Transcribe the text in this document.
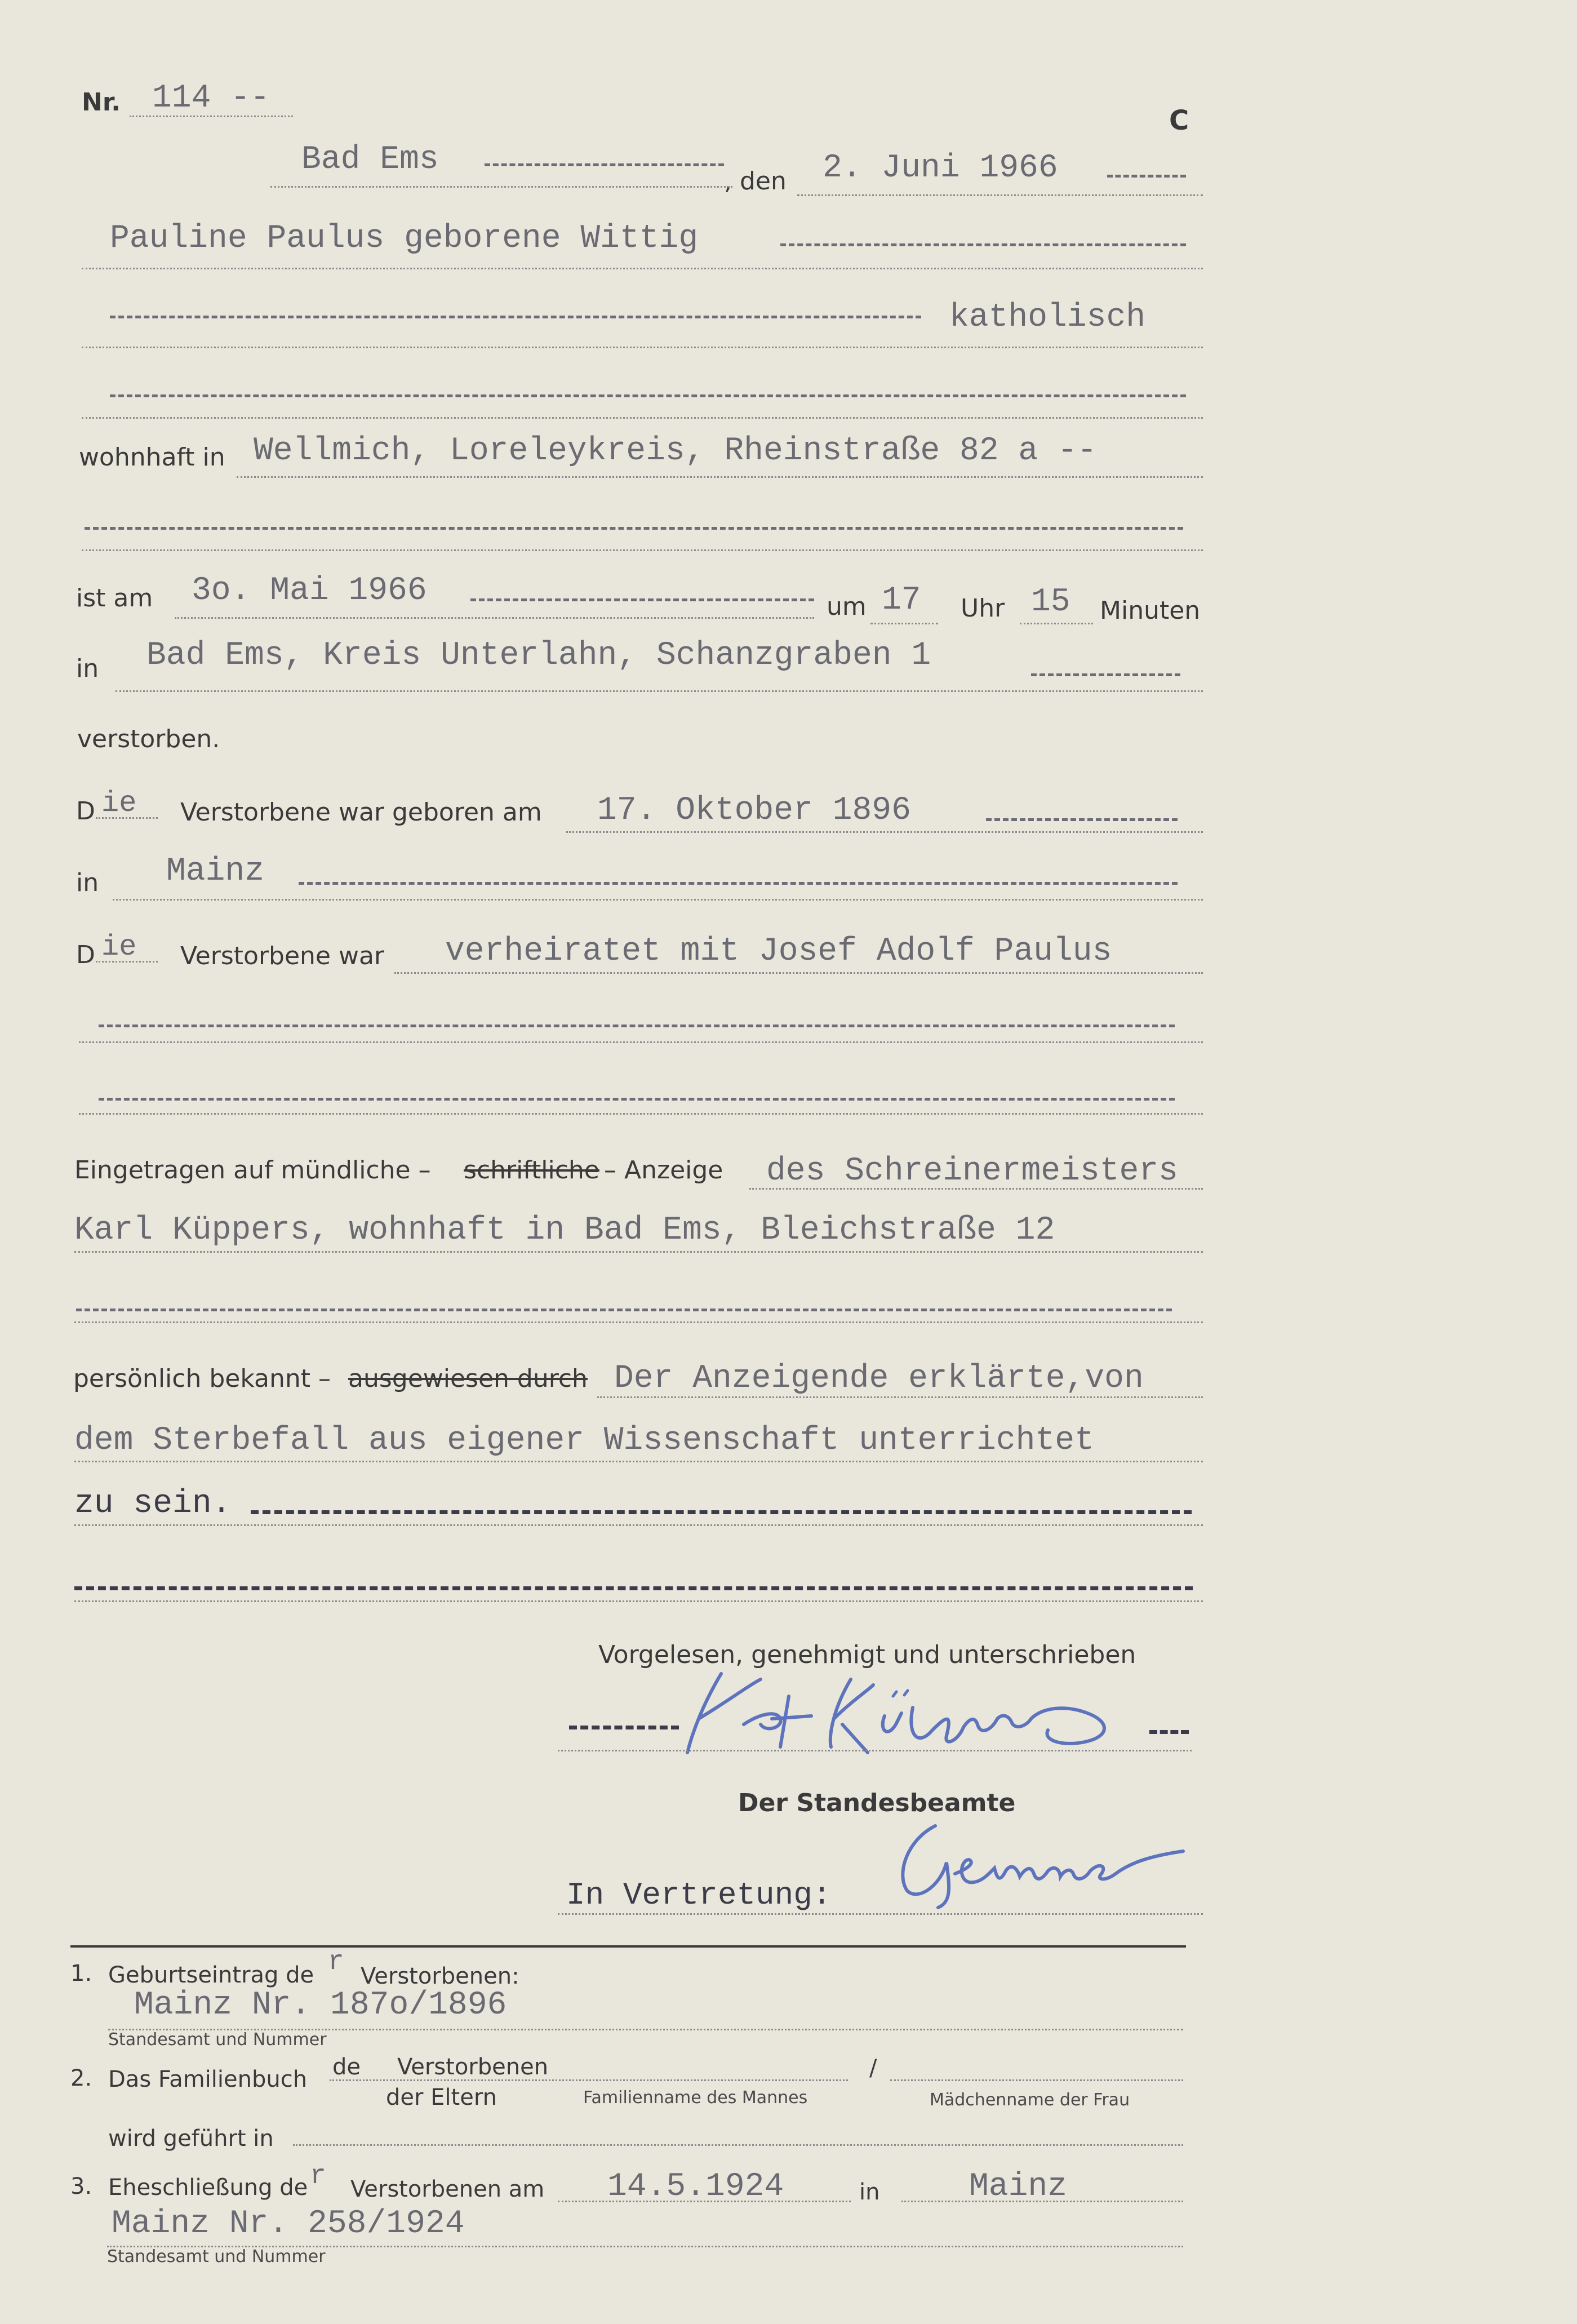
Nr. 114 --
C
Bad Ems
, den 2. Juni 1966
Pauline Paulus geborene Wittig
katholisch
wohnhaft in Wellmich, Loreleykreis, Rheinstraße 82 a --
ist am 3o. Mai 1966	um 17 Uhr 15 Minuten
in Bad Ems, Kreis Unterlahn, Schanzgraben 1
verstorben.
D ie Verstorbene war geboren am 17. Oktober 1896
in Mainz
D ie Verstorbene war verheiratet mit Josef Adolf Paulus
Eingetragen auf mündliche – schriftliche – Anzeige des Schreinermeisters
Karl Küppers, wohnhaft in Bad Ems, Bleichstraße 12
persönlich bekannt – ausgewiesen durch Der Anzeigende erklärte,von
dem Sterbefall aus eigener Wissenschaft unterrichtet
zu sein.
Vorgelesen, genehmigt und unterschrieben
Der Standesbeamte
In Vertretung:
1. Geburtseintrag de r Verstorbenen:
Mainz Nr. 187o/1896
Standesamt und Nummer
2. Das Familienbuch de Verstorbenen
der Eltern	Familienname des Mannes
/
Mädchenname der Frau
wird geführt in
3. Eheschließung de r Verstorbenen am 14.5.1924	in	Mainz
Mainz Nr. 258/1924
Standesamt und Nummer
